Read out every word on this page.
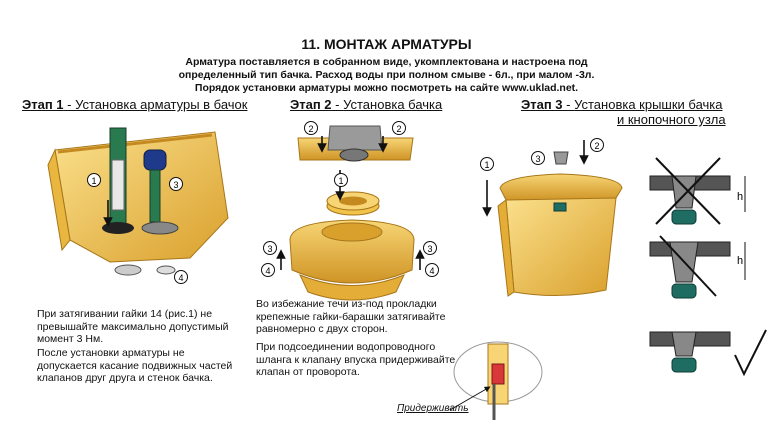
11. МОНТАЖ АРМАТУРЫ
Арматура поставляется в собранном виде, укомплектована и настроена под
определенный тип бачка. Расход воды при полном смыве - 6л., при малом -3л.
Порядок установки арматуры можно посмотреть на сайте www.uklad.net.
Этап 1 - Установка арматуры в бачок	Этап 2 - Установка бачка	Этап 3 - Установка крышки бачка
и кнопочного узла
1	3
4
2	2
1
3	3
4	4
2
3
1
h
h
При затягивании гайки 14 (рис.1) не превышайте максимально допустимый момент 3 Нм.
После установки арматуры не допускается касание подвижных частей клапанов друг друга и стенок бачка.
Во избежание течи из-под прокладки крепежные гайки-барашки затягивайте равномерно с двух сторон.
При подсоединении водопроводного шланга к клапану впуска придерживайте клапан от проворота.
Придерживать
